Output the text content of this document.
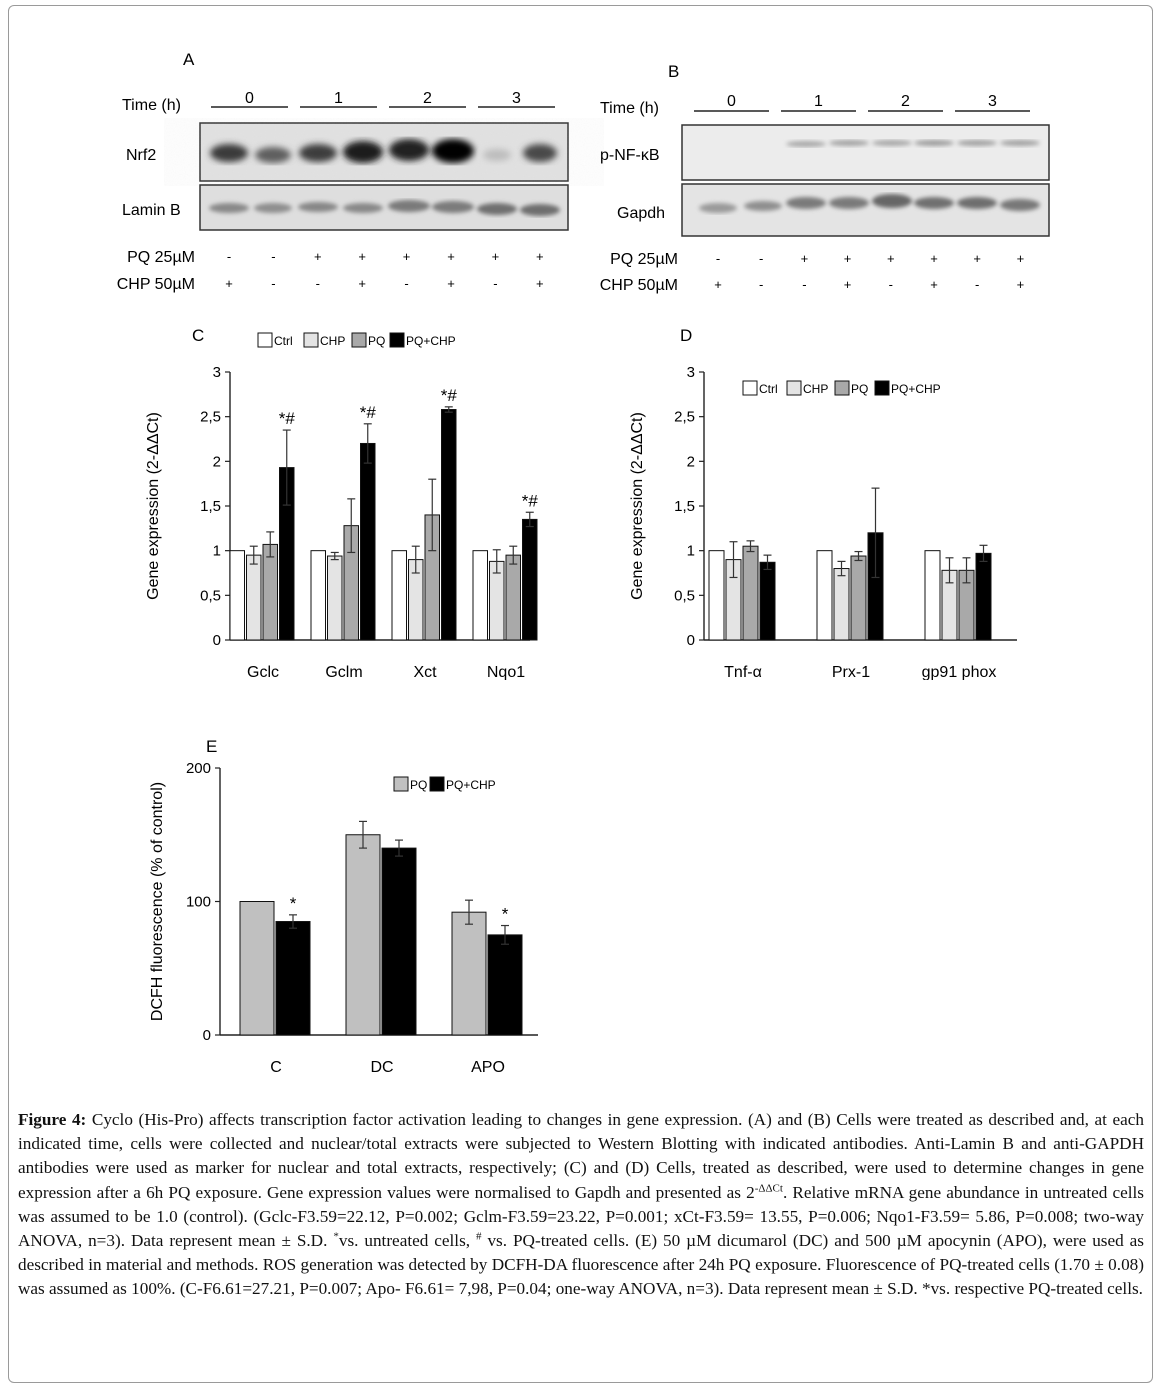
A
Time (h)	0	1	2	3
Nrf2
Lamin B
PQ 25µM -	-	+	+	+	+	+	+
CHP 50µM +	-	-	+	-	+	-	+
B
Time (h)	0	1	2	3
p-NF-κB
Gapdh
PQ 25µM	-	-	+	+	+	+	+	+
CHP 50µM	+	-	-	+	-	+	-	+
C
0
0,5
1
1,5
2
2,5
3
Gene expression (2-ΔΔCt)	*#
Gclc
*#
Gclm
*#
Xct
*#
Nqo1
Ctrl CHP PQ PQ+CHP	D
0
0,5
1
1,5
2
2,5
3
Gene expression (2-ΔΔCt)
Tnf-α	Prx-1	gp91 phox
Ctrl CHP PQ PQ+CHP
E
0
100
200
DCFH fluorescence (% of control)	*
C	DC
*
APO
PQ PQ+CHP
Figure 4: Cyclo (His-Pro) affects transcription factor activation leading to changes in gene expression. (A) and (B) Cells were treated as described and, at each indicated time, cells were collected and nuclear/total extracts were subjected to Western Blotting with indicated antibodies. Anti-Lamin B and anti-GAPDH antibodies were used as marker for nuclear and total extracts, respectively; (C) and (D) Cells, treated as described, were used to determine changes in gene expression after a 6h PQ exposure. Gene expression values were normalised to Gapdh and presented as $2^{-\Delta\Delta Ct}$. Relative mRNA gene abundance in untreated cells was assumed to be 1.0 (control). (Gclc-F3.59=22.12, P=0.002; Gclm-F3.59=23.22, P=0.001; xCt-F3.59= 13.55, P=0.006; Nqo1-F3.59= 5.86, P=0.008; two-way ANOVA, n=3). Data represent mean ± S.D. *vs. untreated cells, # vs. PQ-treated cells. (E) 50 µM dicumarol (DC) and 500 µM apocynin (APO), were used as described in material and methods. ROS generation was detected by DCFH-DA fluorescence after 24h PQ exposure. Fluorescence of PQ-treated cells (1.70 ± 0.08) was assumed as 100%. (C-F6.61=27.21, P=0.007; Apo- F6.61= 7,98, P=0.04; one-way ANOVA, n=3). Data represent mean ± S.D. *vs. respective PQ-treated cells.
